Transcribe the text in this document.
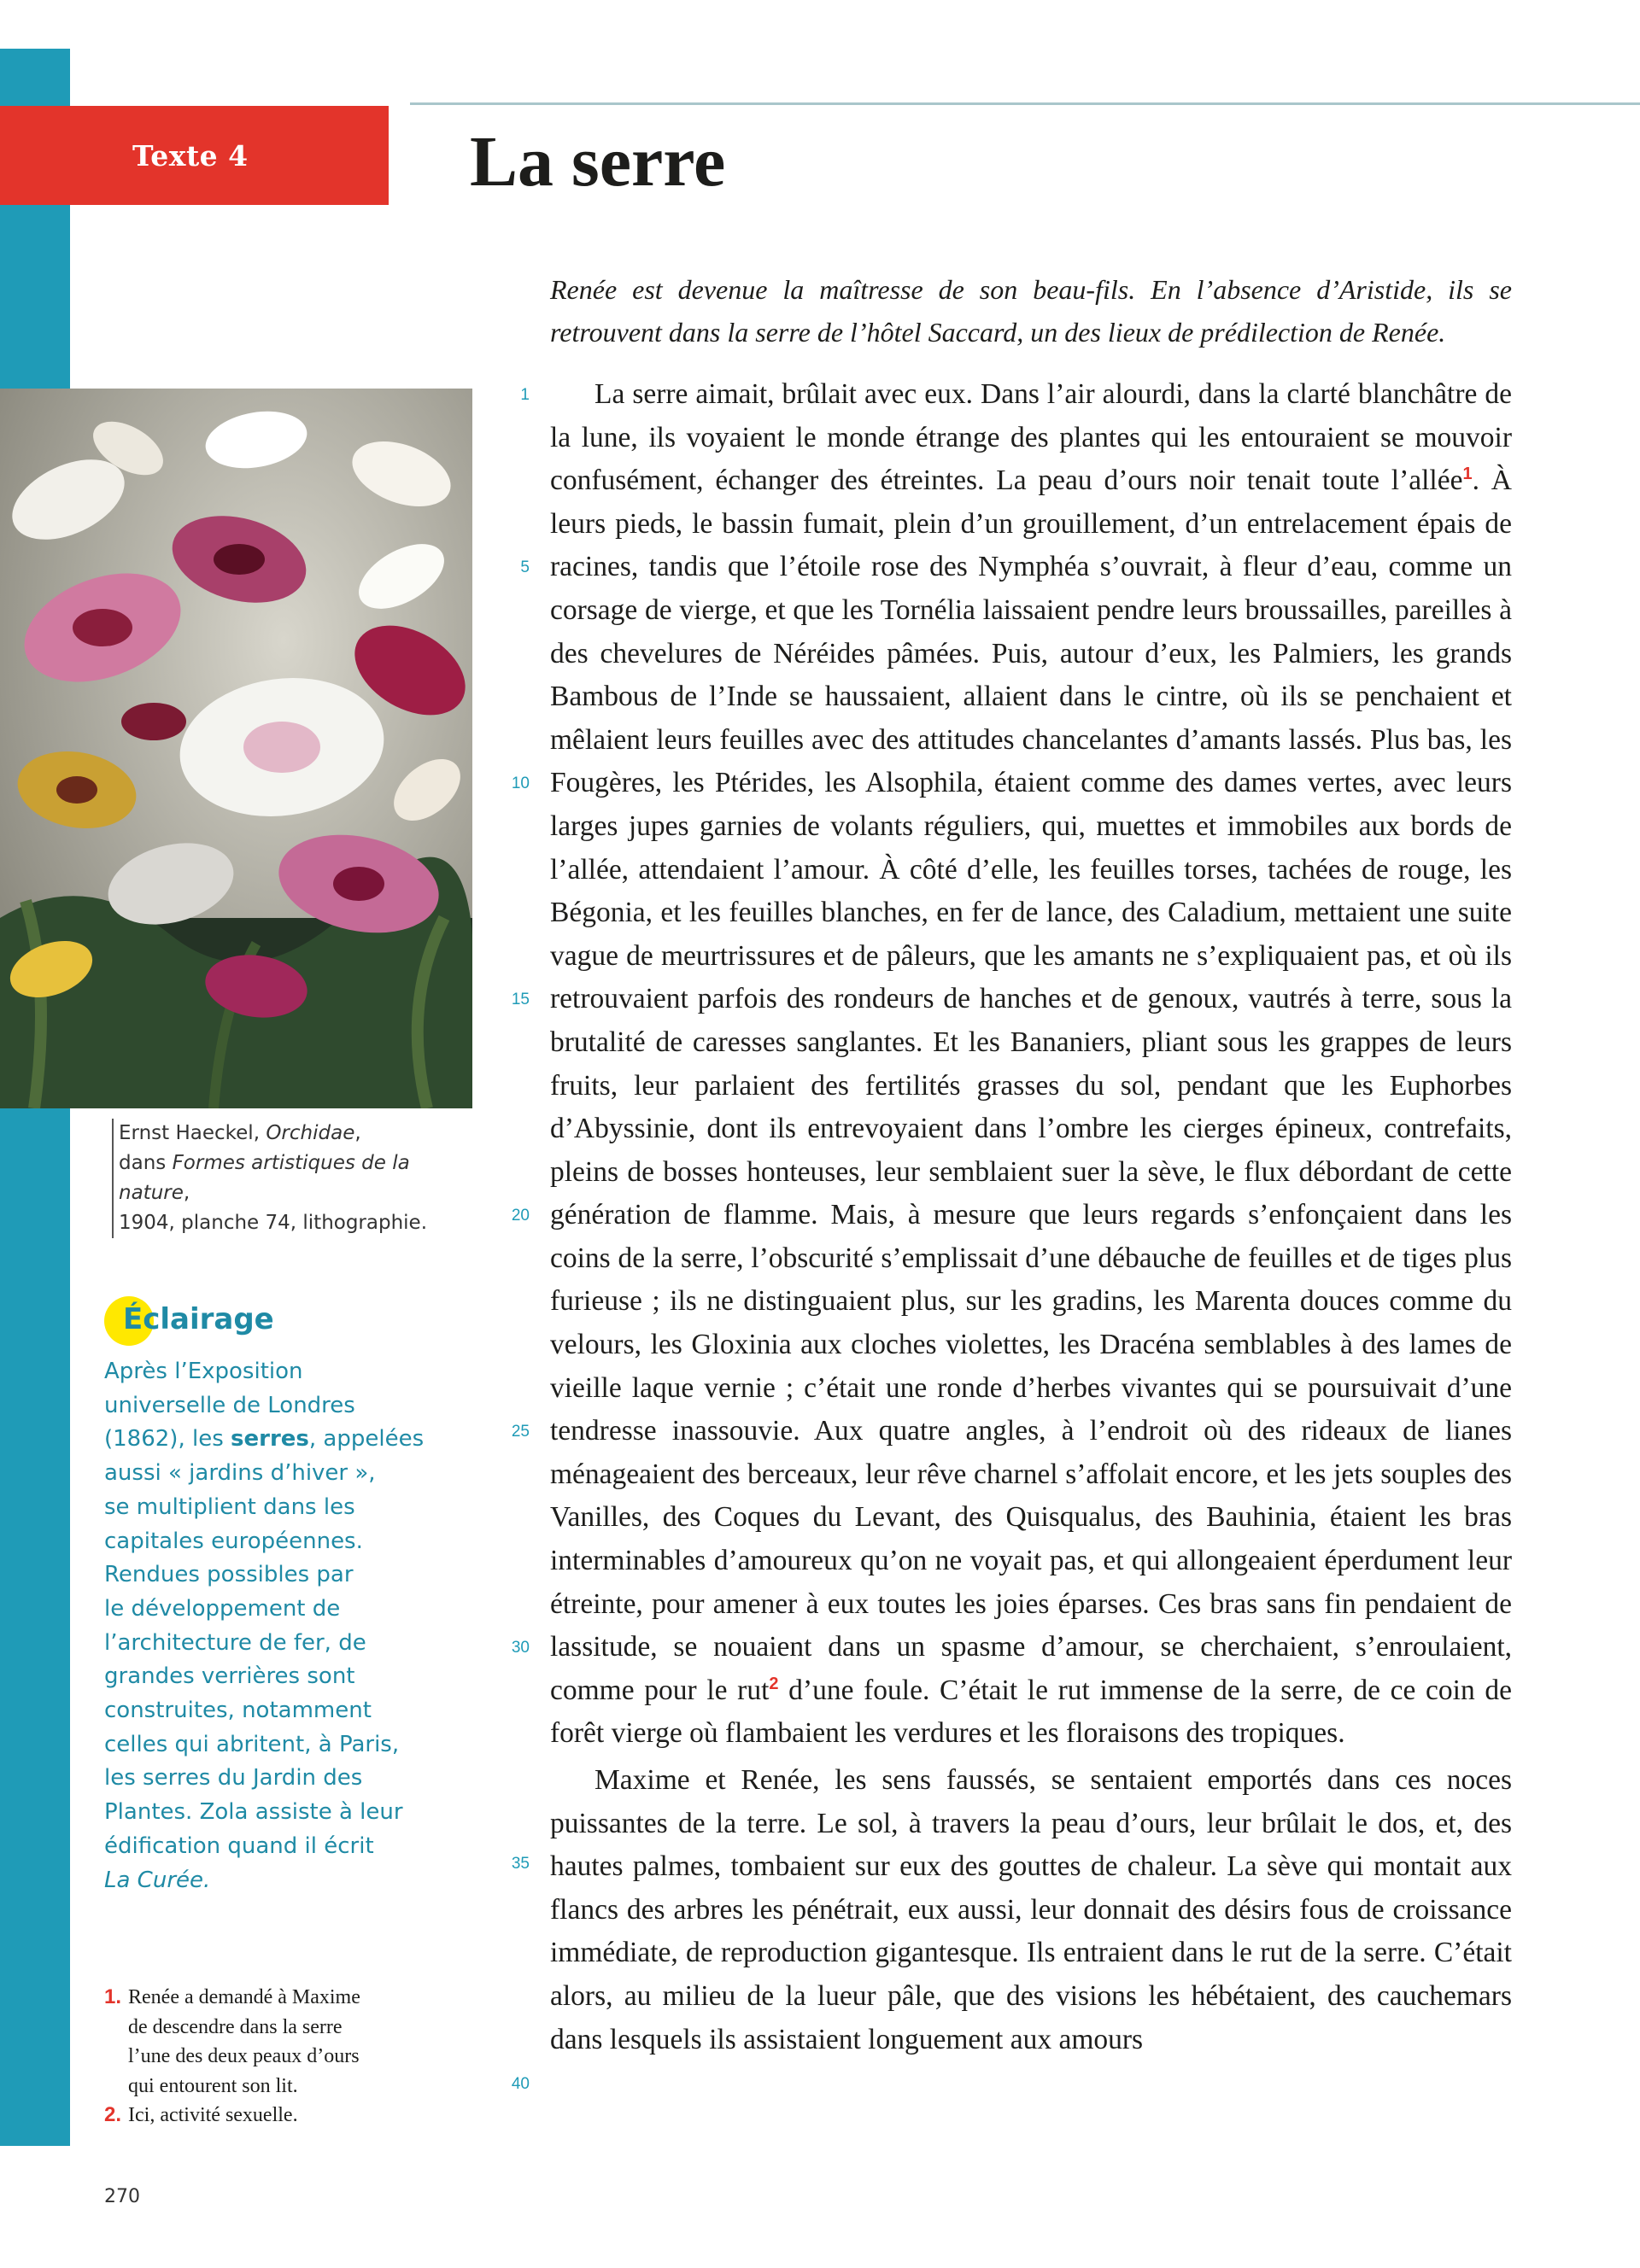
Texte 4	La serre

Renée est devenue la maîtresse de son beau-fils. En l’absence d’Aristide, ils se retrouvent dans la serre de l’hôtel Saccard, un des lieux de prédilection de Renée.

La serre aimait, brûlait avec eux. Dans l’air alourdi, dans la clarté blanchâtre de la lune, ils voyaient le monde étrange des plantes qui les entouraient se mouvoir confusément, échanger des étreintes. La peau d’ours noir tenait toute l’allée$^1$. À leurs pieds, le bassin fumait, plein d’un grouillement, d’un entrelacement épais de racines, tandis que l’étoile rose des Nymphéa s’ouvrait, à fleur d’eau, comme un corsage de vierge, et que les Tornélia laissaient pendre leurs broussailles, pareilles à des chevelures de Néréides pâmées. Puis, autour d’eux, les Palmiers, les grands Bambous de l’Inde se haussaient, allaient dans le cintre, où ils se penchaient et mêlaient leurs feuilles avec des attitudes chancelantes d’amants lassés. Plus bas, les Fougères, les Ptérides, les Alsophila, étaient comme des dames vertes, avec leurs larges jupes garnies de volants réguliers, qui, muettes et immobiles aux bords de l’allée, attendaient l’amour. À côté d’elle, les feuilles torses, tachées de rouge, les Bégonia, et les feuilles blanches, en fer de lance, des Caladium, mettaient une suite vague de meurtrissures et de pâleurs, que les amants ne s’expliquaient pas, et où ils retrouvaient parfois des rondeurs de hanches et de genoux, vautrés à terre, sous la brutalité de caresses sanglantes. Et les Bananiers, pliant sous les grappes de leurs fruits, leur parlaient des fertilités grasses du sol, pendant que les Euphorbes d’Abyssinie, dont ils entrevoyaient dans l’ombre les cierges épineux, contrefaits, pleins de bosses honteuses, leur semblaient suer la sève, le flux débordant de cette génération de flamme. Mais, à mesure que leurs regards s’enfonçaient dans les coins de la serre, l’obscurité s’emplissait d’une débauche de feuilles et de tiges plus furieuse ; ils ne distinguaient plus, sur les gradins, les Marenta douces comme du velours, les Gloxinia aux cloches violettes, les Dracéna semblables à des lames de vieille laque vernie ; c’était une ronde d’herbes vivantes qui se poursuivait d’une tendresse inassouvie. Aux quatre angles, à l’endroit où des rideaux de lianes ménageaient des berceaux, leur rêve charnel s’affolait encore, et les jets souples des Vanilles, des Coques du Levant, des Quisqualus, des Bauhinia, étaient les bras interminables d’amoureux qu’on ne voyait pas, et qui allongeaient éperdument leur étreinte, pour amener à eux toutes les joies éparses. Ces bras sans fin pendaient de lassitude, se nouaient dans un spasme d’amour, se cherchaient, s’enroulaient, comme pour le rut$^2$ d’une foule. C’était le rut immense de la serre, de ce coin de forêt vierge où flambaient les verdures et les floraisons des tropiques.

Maxime et Renée, les sens faussés, se sentaient emportés dans ces noces puissantes de la terre. Le sol, à travers la peau d’ours, leur brûlait le dos, et, des hautes palmes, tombaient sur eux des gouttes de chaleur. La sève qui montait aux flancs des arbres les pénétrait, eux aussi, leur donnait des désirs fous de croissance immédiate, de reproduction gigantesque. Ils entraient dans le rut de la serre. C’était alors, au milieu de la lueur pâle, que des visions les hébétaient, des cauchemars dans lesquels ils assistaient longuement aux amours

1
5
10
15
20
25
30
35
40
Ernst Haeckel, Orchidae,
dans Formes artistiques de la nature,
1904, planche 74, lithographie.
Éclairage
Après l’Exposition
universelle de Londres
(1862), les serres, appelées
aussi « jardins d’hiver »,
se multiplient dans les
capitales européennes.
Rendues possibles par
le développement de
l’architecture de fer, de
grandes verrières sont
construites, notamment
celles qui abritent, à Paris,
les serres du Jardin des
Plantes. Zola assiste à leur
édification quand il écrit
La Curée.
1. Renée a demandé à Maxime
de descendre dans la serre
l’une des deux peaux d’ours
qui entourent son lit.
2. Ici, activité sexuelle.
270
